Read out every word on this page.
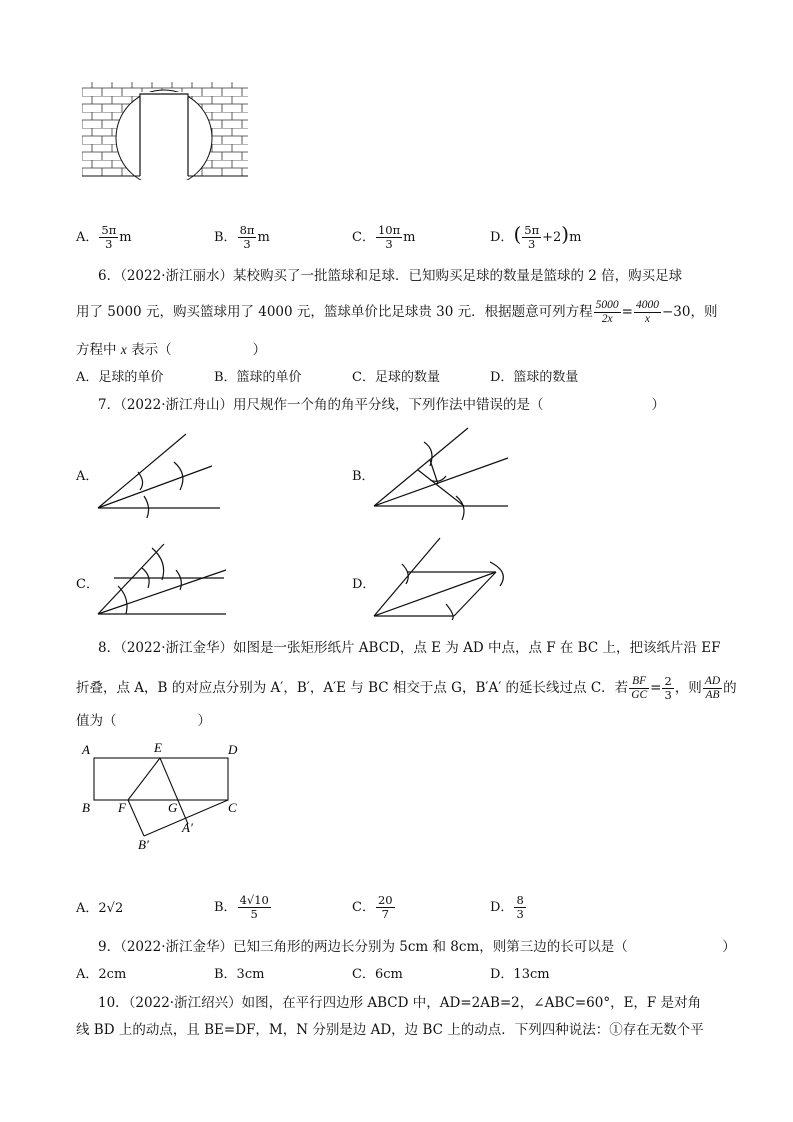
A． $\frac{5\pi}{3}$ m	B． $\frac{8\pi}{3}$ m	C． $\frac{10\pi}{3}$ m	D．( $\frac{5\pi}{3} +2)m$
6．（2022·浙江丽水）某校购买了一批篮球和足球．已知购买足球的数量是篮球的 2 倍，购买足球
用了 5000 元，购买篮球用了 4000 元，篮球单价比足球贵 30 元．根据题意可列方程 $\frac{5000}{2x} = \frac{4000}{x} -30$，则
方程中 x 表示（　　　　　　）
A．足球的单价	B．篮球的单价	C．足球的数量	D．篮球的数量
7．（2022·浙江舟山）用尺规作一个角的角平分线，下列作法中错误的是（　　　　　　　　）
A．	B．
C．	D．
8．（2022·浙江金华）如图是一张矩形纸片 ABCD，点 E 为 AD 中点，点 F 在 BC 上，把该纸片沿 EF
折叠，点 A，B 的对应点分别为 A′，B′，A′E 与 BC 相交于点 G，B′A′ 的延长线过点 C．若 $\frac{BF}{GC} = \frac{2}{3}$ ，则 $\frac{AD}{AB}$ 的
值为（　　　　　　）
A	E	D
B F	G	C
A′
B′
A．2√2	B． $\frac{4√10}{5}$	C． $\frac{20}{7}$	D． $\frac{8}{3}$
9．（2022·浙江金华）已知三角形的两边长分别为 5cm 和 8cm，则第三边的长可以是（　　　　　　　）
A．2cm	B．3cm	C．6cm	D．13cm
10．（2022·浙江绍兴）如图，在平行四边形 ABCD 中，AD=2AB=2，∠ABC=60°，E，F 是对角
线 BD 上的动点，且 BE=DF，M，N 分别是边 AD，边 BC 上的动点．下列四种说法：①存在无数个平
